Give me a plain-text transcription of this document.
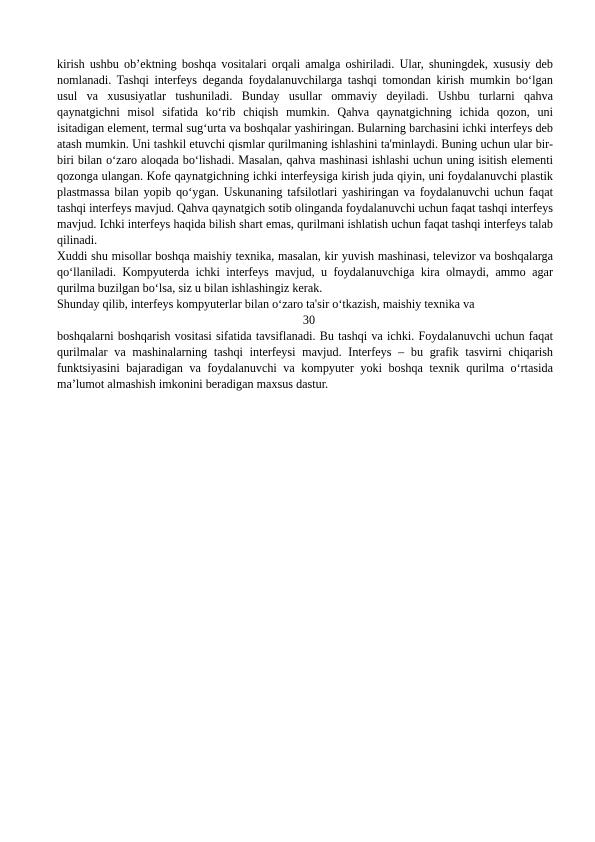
kirish ushbu ob’ektning boshqa vositalari orqali amalga oshiriladi. Ular, shuningdek, xususiy deb nomlanadi. Tashqi interfeys deganda foydalanuvchilarga tashqi tomondan kirish mumkin bo‘lgan usul va xususiyatlar tushuniladi. Bunday usullar ommaviy deyiladi. Ushbu turlarni qahva qaynatgichni misol sifatida ko‘rib chiqish mumkin. Qahva qaynatgichning ichida qozon, uni isitadigan element, termal sug‘urta va boshqalar yashiringan. Bularning barchasini ichki interfeys deb atash mumkin. Uni tashkil etuvchi qismlar qurilmaning ishlashini ta'minlaydi. Buning uchun ular bir-biri bilan o‘zaro aloqada bo‘lishadi. Masalan, qahva mashinasi ishlashi uchun uning isitish elementi qozonga ulangan. Kofe qaynatgichning ichki interfeysiga kirish juda qiyin, uni foydalanuvchi plastik plastmassa bilan yopib qo‘ygan. Uskunaning tafsilotlari yashiringan va foydalanuvchi uchun faqat tashqi interfeys mavjud. Qahva qaynatgich sotib olinganda foydalanuvchi uchun faqat tashqi interfeys mavjud. Ichki interfeys haqida bilish shart emas, qurilmani ishlatish uchun faqat tashqi interfeys talab qilinadi.

Xuddi shu misollar boshqa maishiy texnika, masalan, kir yuvish mashinasi, televizor va boshqalarga qo‘llaniladi. Kompyuterda ichki interfeys mavjud, u foydalanuvchiga kira olmaydi, ammo agar qurilma buzilgan bo‘lsa, siz u bilan ishlashingiz kerak.

Shunday qilib, interfeys kompyuterlar bilan o‘zaro ta'sir o‘tkazish, maishiy texnika va

30

boshqalarni boshqarish vositasi sifatida tavsiflanadi. Bu tashqi va ichki. Foydalanuvchi uchun faqat qurilmalar va mashinalarning tashqi interfeysi mavjud. Interfeys – bu grafik tasvirni chiqarish funktsiyasini bajaradigan va foydalanuvchi va kompyuter yoki boshqa texnik qurilma o‘rtasida ma’lumot almashish imkonini beradigan maxsus dastur.
